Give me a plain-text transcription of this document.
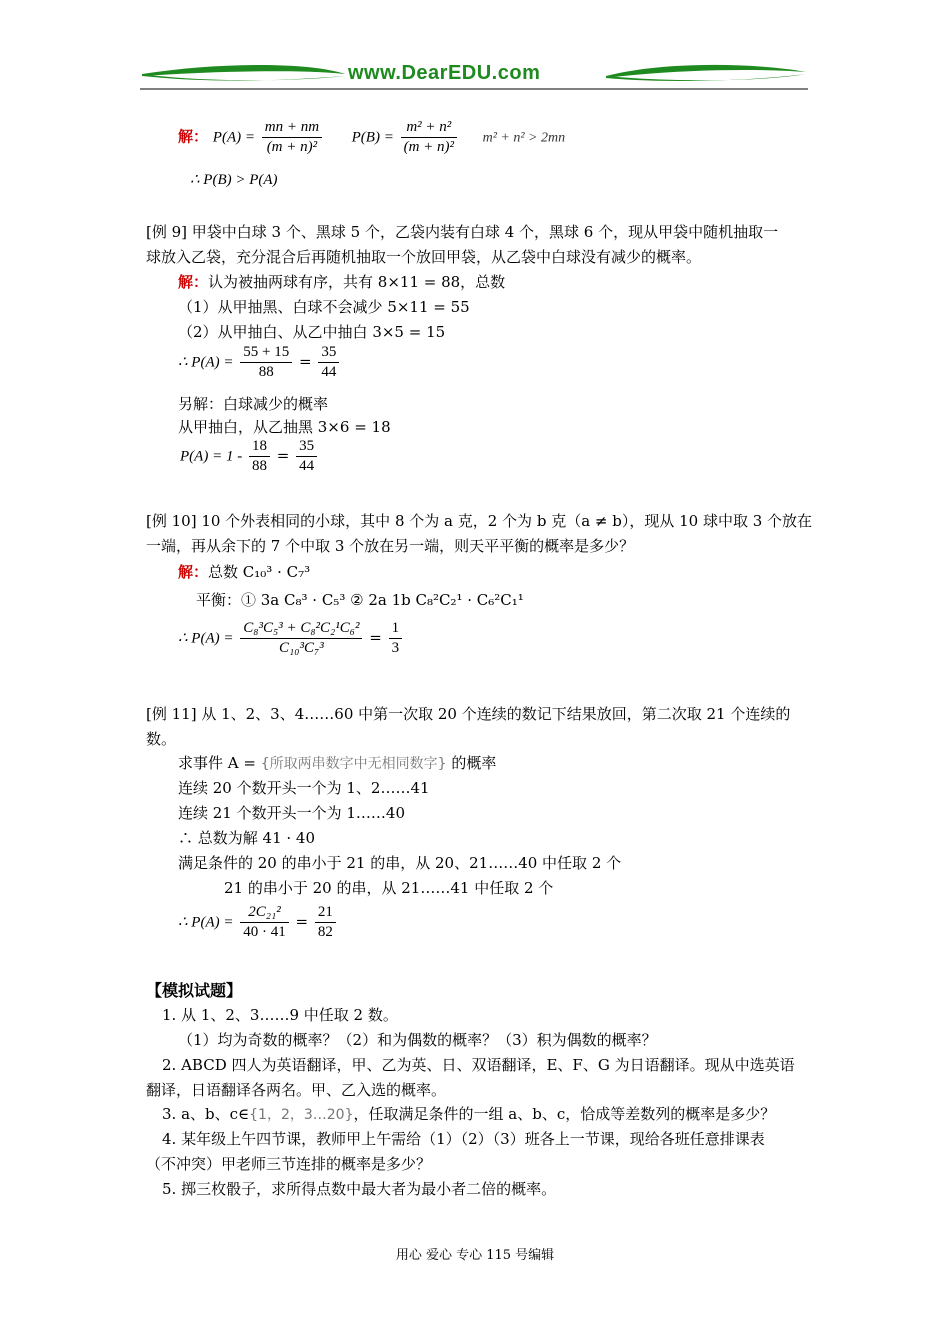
www.DearEDU.com
解： $P(A) = \frac{mn + nm}{\text{(m + n)²}} P(B) = \frac{\text{m² + n²}}{\text{(m + n)²}} m^2 + n^2 > 2mn$
∴ P(B) > P(A)
[例 9] 甲袋中白球 3 个、黑球 5 个，乙袋内装有白球 4 个，黑球 6 个，现从甲袋中随机抽取一
球放入乙袋，充分混合后再随机抽取一个放回甲袋，从乙袋中白球没有减少的概率。
解：认为被抽两球有序，共有 8×11 = 88，总数
（1）从甲抽黑、白球不会减少 5×11 = 55
（2）从甲抽白、从乙中抽白 3×5 = 15
∴ $P(A) = \frac{55 + 15}{88} = \frac{35}{44}$
另解：白球减少的概率
从甲抽白，从乙抽黑 3×6 = 18
$P(A) = 1 - \frac{18}{88} = \frac{35}{44}$
[例 10] 10 个外表相同的小球，其中 8 个为 a 克，2 个为 b 克（a ≠ b），现从 10 球中取 3 个放在
一端，再从余下的 7 个中取 3 个放在另一端，则天平平衡的概率是多少？
解：总数 C₁₀³ · C₇³
平衡：① 3a C₈³ · C₅³ ② 2a 1b C₈²C₂¹ · C₆²C₁¹
∴ $P(A) = \frac{\text{C₈³C₅³ + C₈²C₂¹C₆²}}{\text{C₁₀³C₇³}} = \frac{1}{3}$
[例 11] 从 1、2、3、4……60 中第一次取 20 个连续的数记下结果放回，第二次取 21 个连续的
数。
求事件 A = {所取两串数字中无相同数字} 的概率
连续 20 个数开头一个为 1、2……41
连续 21 个数开头一个为 1……40
∴ 总数为解 41 · 40
满足条件的 20 的串小于 21 的串，从 20、21……40 中任取 2 个
21 的串小于 20 的串，从 21……41 中任取 2 个
∴ $P(A) = \frac{\text{2C₂₁²}}{40 \cdot 41} = \frac{21}{82}$
【模拟试题】
1. 从 1、2、3……9 中任取 2 数。
（1）均为奇数的概率？（2）和为偶数的概率？（3）积为偶数的概率？
2. ABCD 四人为英语翻译，甲、乙为英、日、双语翻译，E、F、G 为日语翻译。现从中选英语
翻译，日语翻译各两名。甲、乙入选的概率。
3. a、b、c∈{1，2，3…20}，任取满足条件的一组 a、b、c，恰成等差数列的概率是多少？
4. 某年级上午四节课，教师甲上午需给（1）（2）（3）班各上一节课，现给各班任意排课表
（不冲突）甲老师三节连排的概率是多少？
5. 掷三枚骰子，求所得点数中最大者为最小者二倍的概率。
用心 爱心 专心 115 号编辑
